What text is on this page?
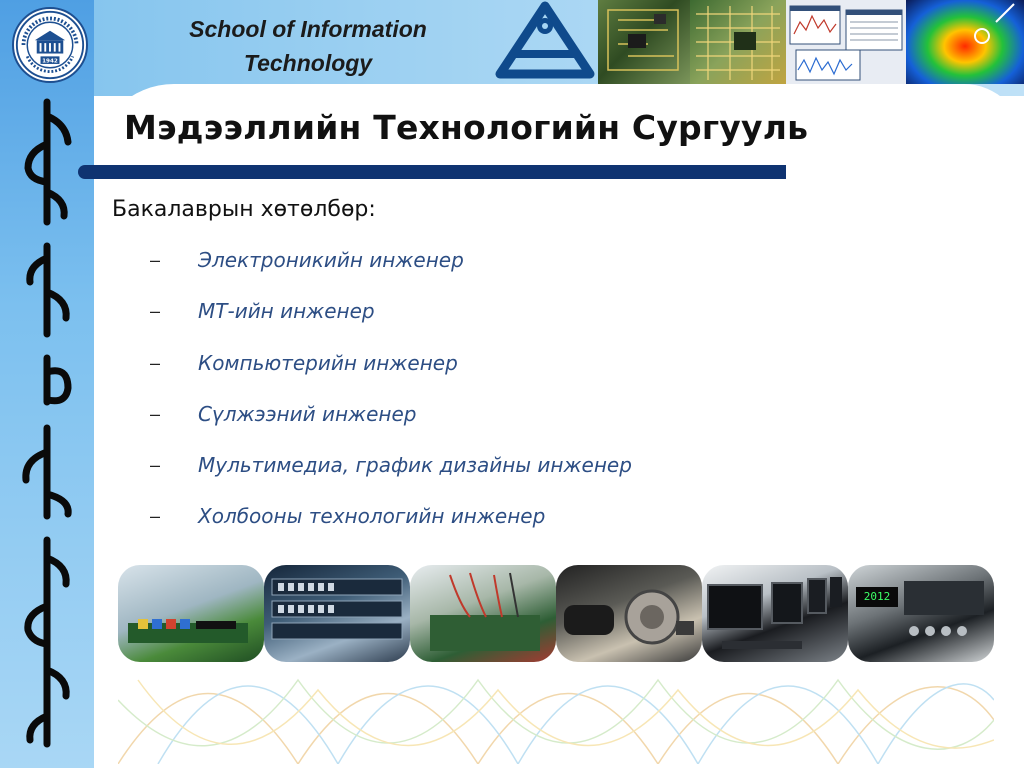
1942
School of Information
Technology
Мэдээллийн Технологийн Сургууль
Бакалаврын хөтөлбөр:
–	Электроникийн инженер
–	МТ-ийн инженер
–	Компьютерийн инженер
–	Сүлжээний инженер
–	Мультимедиа, график дизайны инженер
–	Холбооны технологийн инженер
2012
